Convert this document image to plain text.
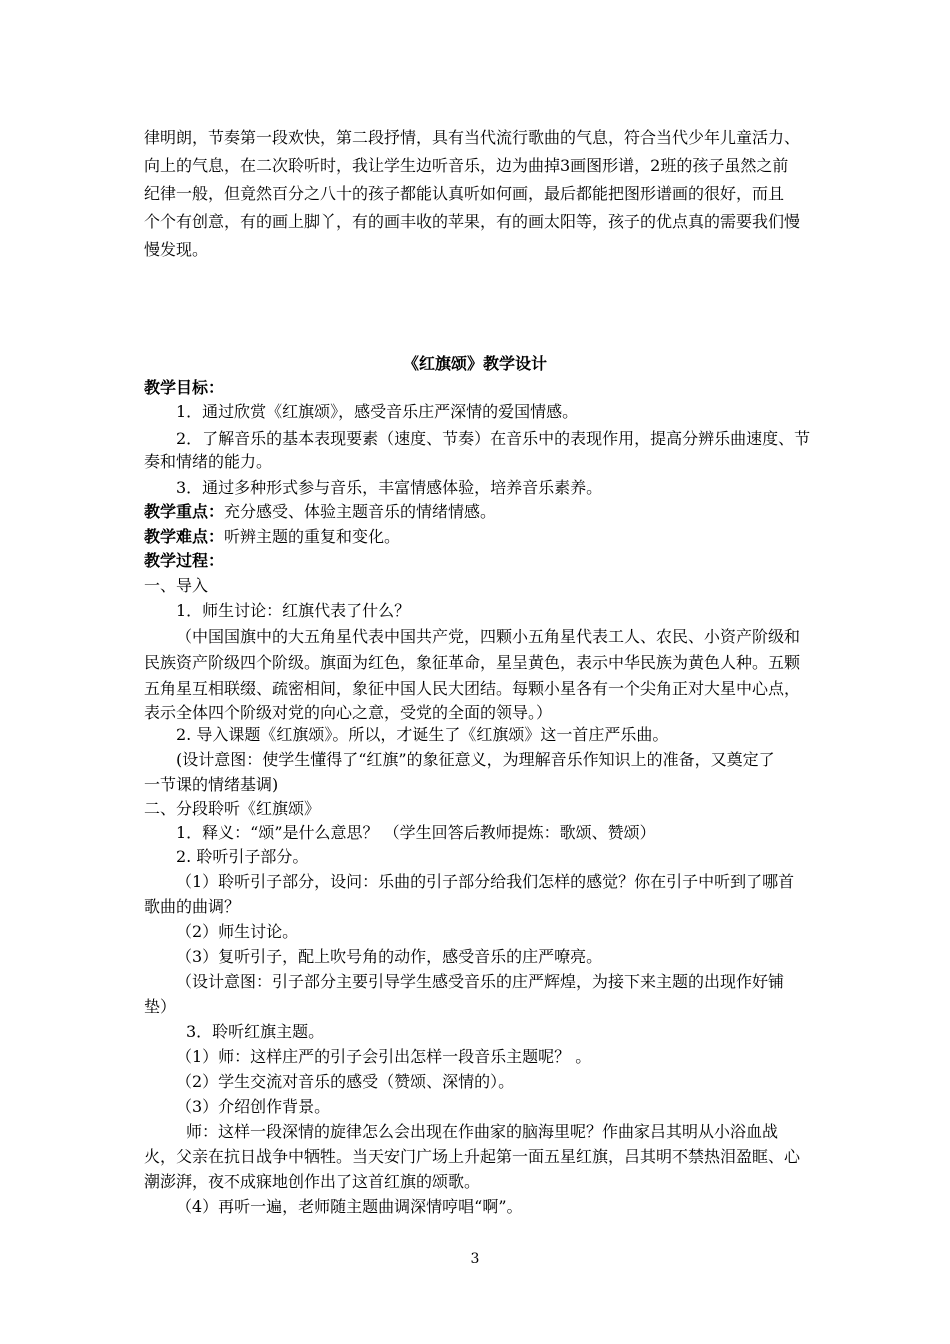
律明朗，节奏第一段欢快，第二段抒情，具有当代流行歌曲的气息，符合当代少年儿童活力、
向上的气息，在二次聆听时，我让学生边听音乐，边为曲掉3画图形谱，2班的孩子虽然之前
纪律一般，但竟然百分之八十的孩子都能认真听如何画，最后都能把图形谱画的很好，而且
个个有创意，有的画上脚丫，有的画丰收的苹果，有的画太阳等，孩子的优点真的需要我们慢
慢发现。
《红旗颂》教学设计
教学目标：
1．通过欣赏《红旗颂》，感受音乐庄严深情的爱国情感。
2．了解音乐的基本表现要素（速度、节奏）在音乐中的表现作用，提高分辨乐曲速度、节
奏和情绪的能力。
3．通过多种形式参与音乐，丰富情感体验，培养音乐素养。
教学重点：充分感受、体验主题音乐的情绪情感。
教学难点：听辨主题的重复和变化。
教学过程：
一、导入
1．师生讨论：红旗代表了什么？
（中国国旗中的大五角星代表中国共产党，四颗小五角星代表工人、农民、小资产阶级和
民族资产阶级四个阶级。旗面为红色，象征革命，星呈黄色，表示中华民族为黄色人种。五颗
五角星互相联缀、疏密相间，象征中国人民大团结。每颗小星各有一个尖角正对大星中心点，
表示全体四个阶级对党的向心之意，受党的全面的领导。）
2. 导入课题《红旗颂》。所以，才诞生了《红旗颂》这一首庄严乐曲。
(设计意图：使学生懂得了“红旗”的象征意义，为理解音乐作知识上的准备，又奠定了
一节课的情绪基调)
二、分段聆听《红旗颂》
1．释义：“颂”是什么意思？ （学生回答后教师提炼：歌颂、赞颂）
2. 聆听引子部分。
（1）聆听引子部分，设问：乐曲的引子部分给我们怎样的感觉？你在引子中听到了哪首
歌曲的曲调？
（2）师生讨论。
（3）复听引子，配上吹号角的动作，感受音乐的庄严嘹亮。
（设计意图：引子部分主要引导学生感受音乐的庄严辉煌，为接下来主题的出现作好铺
垫）
3．聆听红旗主题。
（1）师：这样庄严的引子会引出怎样一段音乐主题呢？ 。
（2）学生交流对音乐的感受（赞颂、深情的）。
（3）介绍创作背景。
师：这样一段深情的旋律怎么会出现在作曲家的脑海里呢？作曲家吕其明从小浴血战
火，父亲在抗日战争中牺牲。当天安门广场上升起第一面五星红旗，吕其明不禁热泪盈眶、心
潮澎湃，夜不成寐地创作出了这首红旗的颂歌。
（4）再听一遍，老师随主题曲调深情哼唱“啊”。
3
